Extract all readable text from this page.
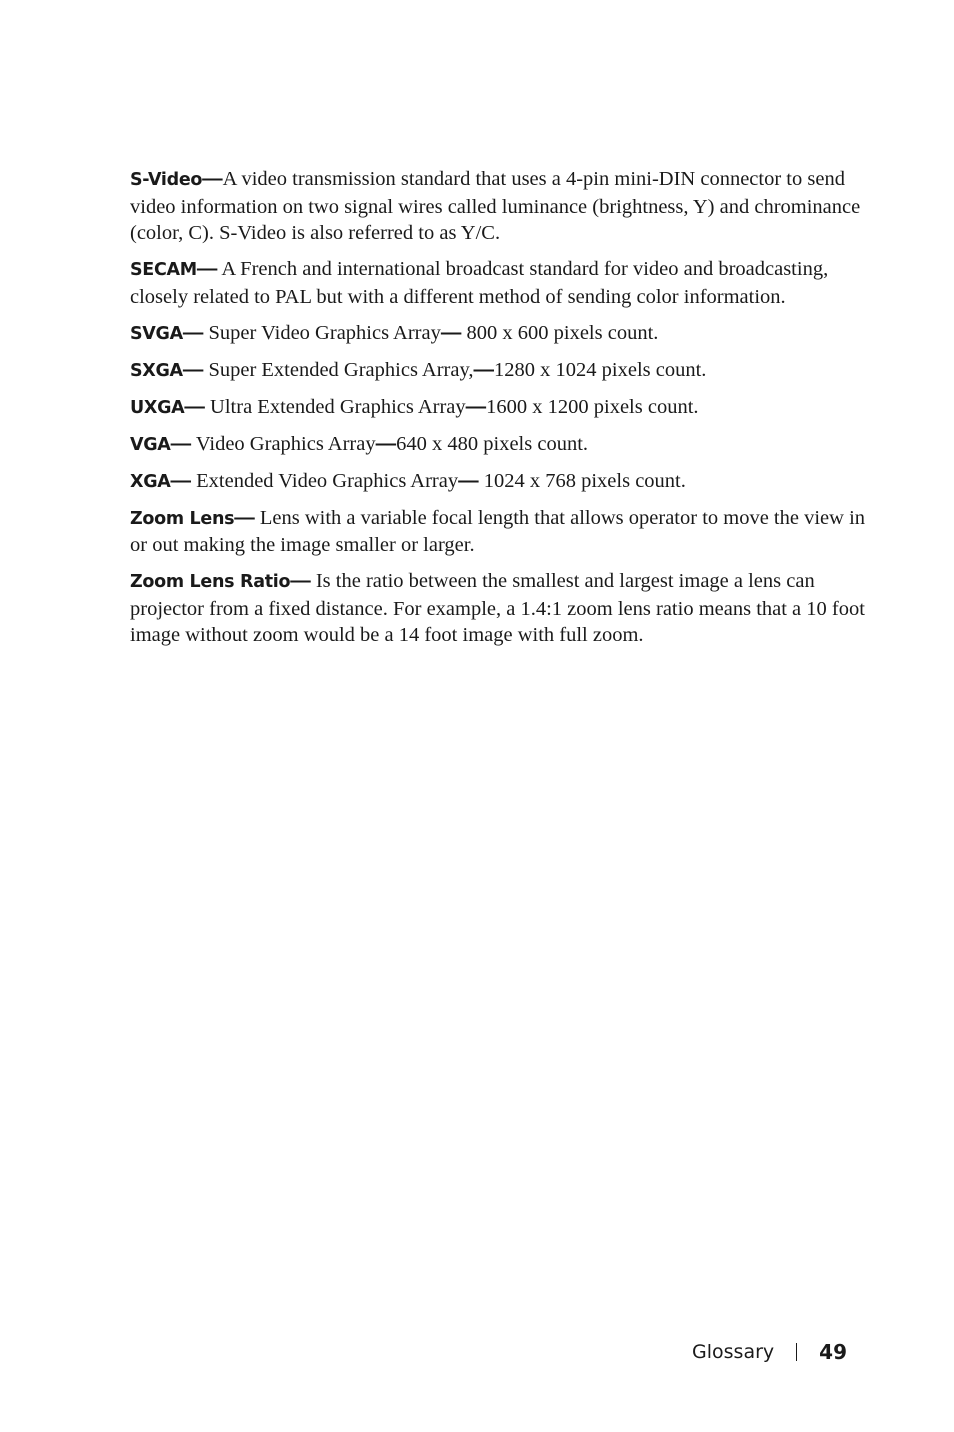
S-Video—A video transmission standard that uses a 4-pin mini-DIN connector to send video information on two signal wires called luminance (brightness, Y) and chrominance (color, C). S-Video is also referred to as Y/C.

SECAM— A French and international broadcast standard for video and broadcasting, closely related to PAL but with a different method of sending color information.

SVGA— Super Video Graphics Array— 800 x 600 pixels count.

SXGA— Super Extended Graphics Array,—1280 x 1024 pixels count.

UXGA— Ultra Extended Graphics Array—1600 x 1200 pixels count.

VGA— Video Graphics Array—640 x 480 pixels count.

XGA— Extended Video Graphics Array— 1024 x 768 pixels count.

Zoom Lens— Lens with a variable focal length that allows operator to move the view in or out making the image smaller or larger.

Zoom Lens Ratio— Is the ratio between the smallest and largest image a lens can projector from a fixed distance. For example, a 1.4:1 zoom lens ratio means that a 10 foot image without zoom would be a 14 foot image with full zoom.

Glossary 49
